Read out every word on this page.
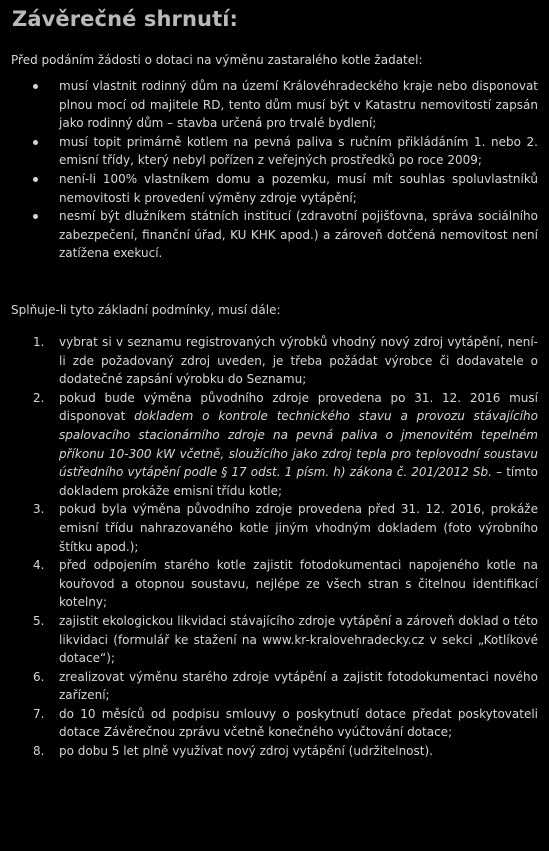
Závěrečné shrnutí:

Před podáním žádosti o dotaci na výměnu zastaralého kotle žadatel:

musí vlastnit rodinný dům na území Královéhradeckého kraje nebo disponovat plnou mocí od majitele RD, tento dům musí být v Katastru nemovitostí zapsán jako rodinný dům – stavba určená pro trvalé bydlení;
musí topit primárně kotlem na pevná paliva s ručním přikládáním 1. nebo 2. emisní třídy, který nebyl pořízen z veřejných prostředků po roce 2009;
není-li 100% vlastníkem domu a pozemku, musí mít souhlas spoluvlastníků nemovitosti k provedení výměny zdroje vytápění;
nesmí být dlužníkem státních institucí (zdravotní pojišťovna, správa sociálního zabezpečení, finanční úřad, KU KHK apod.) a zároveň dotčená nemovitost není zatížena exekucí.

Splňuje-li tyto základní podmínky, musí dále:

1. vybrat si v seznamu registrovaných výrobků vhodný nový zdroj vytápění, není-li zde požadovaný zdroj uveden, je třeba požádat výrobce či dodavatele o dodatečné zapsání výrobku do Seznamu;
2. pokud bude výměna původního zdroje provedena po 31. 12. 2016 musí disponovat dokladem o kontrole technického stavu a provozu stávajícího spalovacího stacionárního zdroje na pevná paliva o jmenovitém tepelném příkonu 10-300 kW včetně, sloužícího jako zdroj tepla pro teplovodní soustavu ústředního vytápění podle § 17 odst. 1 písm. h) zákona č. 201/2012 Sb. – tímto dokladem prokáže emisní třídu kotle;
3. pokud byla výměna původního zdroje provedena před 31. 12. 2016, prokáže emisní třídu nahrazovaného kotle jiným vhodným dokladem (foto výrobního štítku apod.);
4. před odpojením starého kotle zajistit fotodokumentaci napojeného kotle na kouřovod a otopnou soustavu, nejlépe ze všech stran s čitelnou identifikací kotelny;
5. zajistit ekologickou likvidaci stávajícího zdroje vytápění a zároveň doklad o této likvidaci (formulář ke stažení na www.kr-kralovehradecky.cz v sekci „Kotlíkové dotace“);
6. zrealizovat výměnu starého zdroje vytápění a zajistit fotodokumentaci nového zařízení;
7. do 10 měsíců od podpisu smlouvy o poskytnutí dotace předat poskytovateli dotace Závěrečnou zprávu včetně konečného vyúčtování dotace;
8. po dobu 5 let plně využívat nový zdroj vytápění (udržitelnost).
